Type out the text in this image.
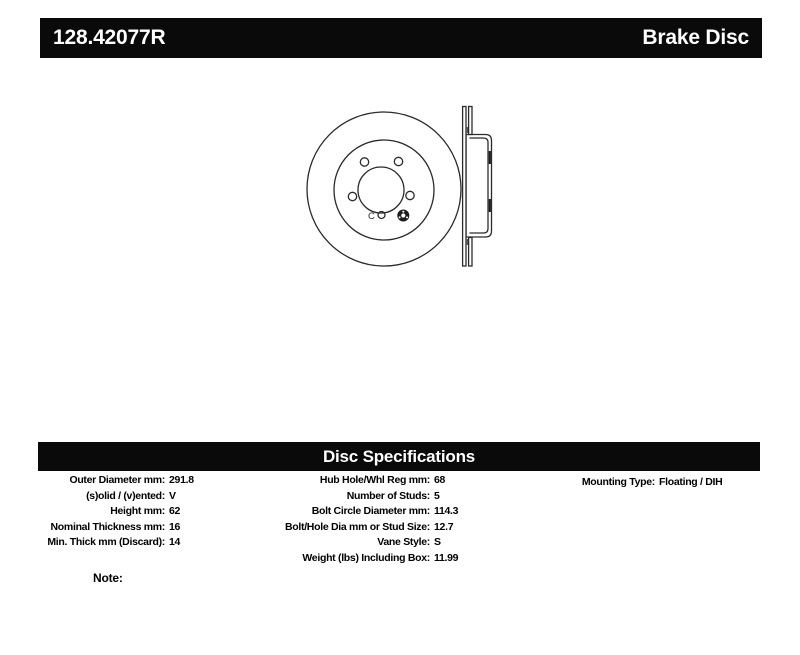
128.42077R	Brake Disc
C
Disc Specifications
Outer Diameter mm: 291.8
(s)olid / (v)ented: V
Height mm: 62
Nominal Thickness mm: 16
Min. Thick mm (Discard): 14
Hub Hole/Whl Reg mm: 68
Number of Studs: 5
Bolt Circle Diameter mm: 114.3
Bolt/Hole Dia mm or Stud Size: 12.7
Vane Style: S
Weight (lbs) Including Box: 11.99
Mounting Type: Floating / DIH
Note:
